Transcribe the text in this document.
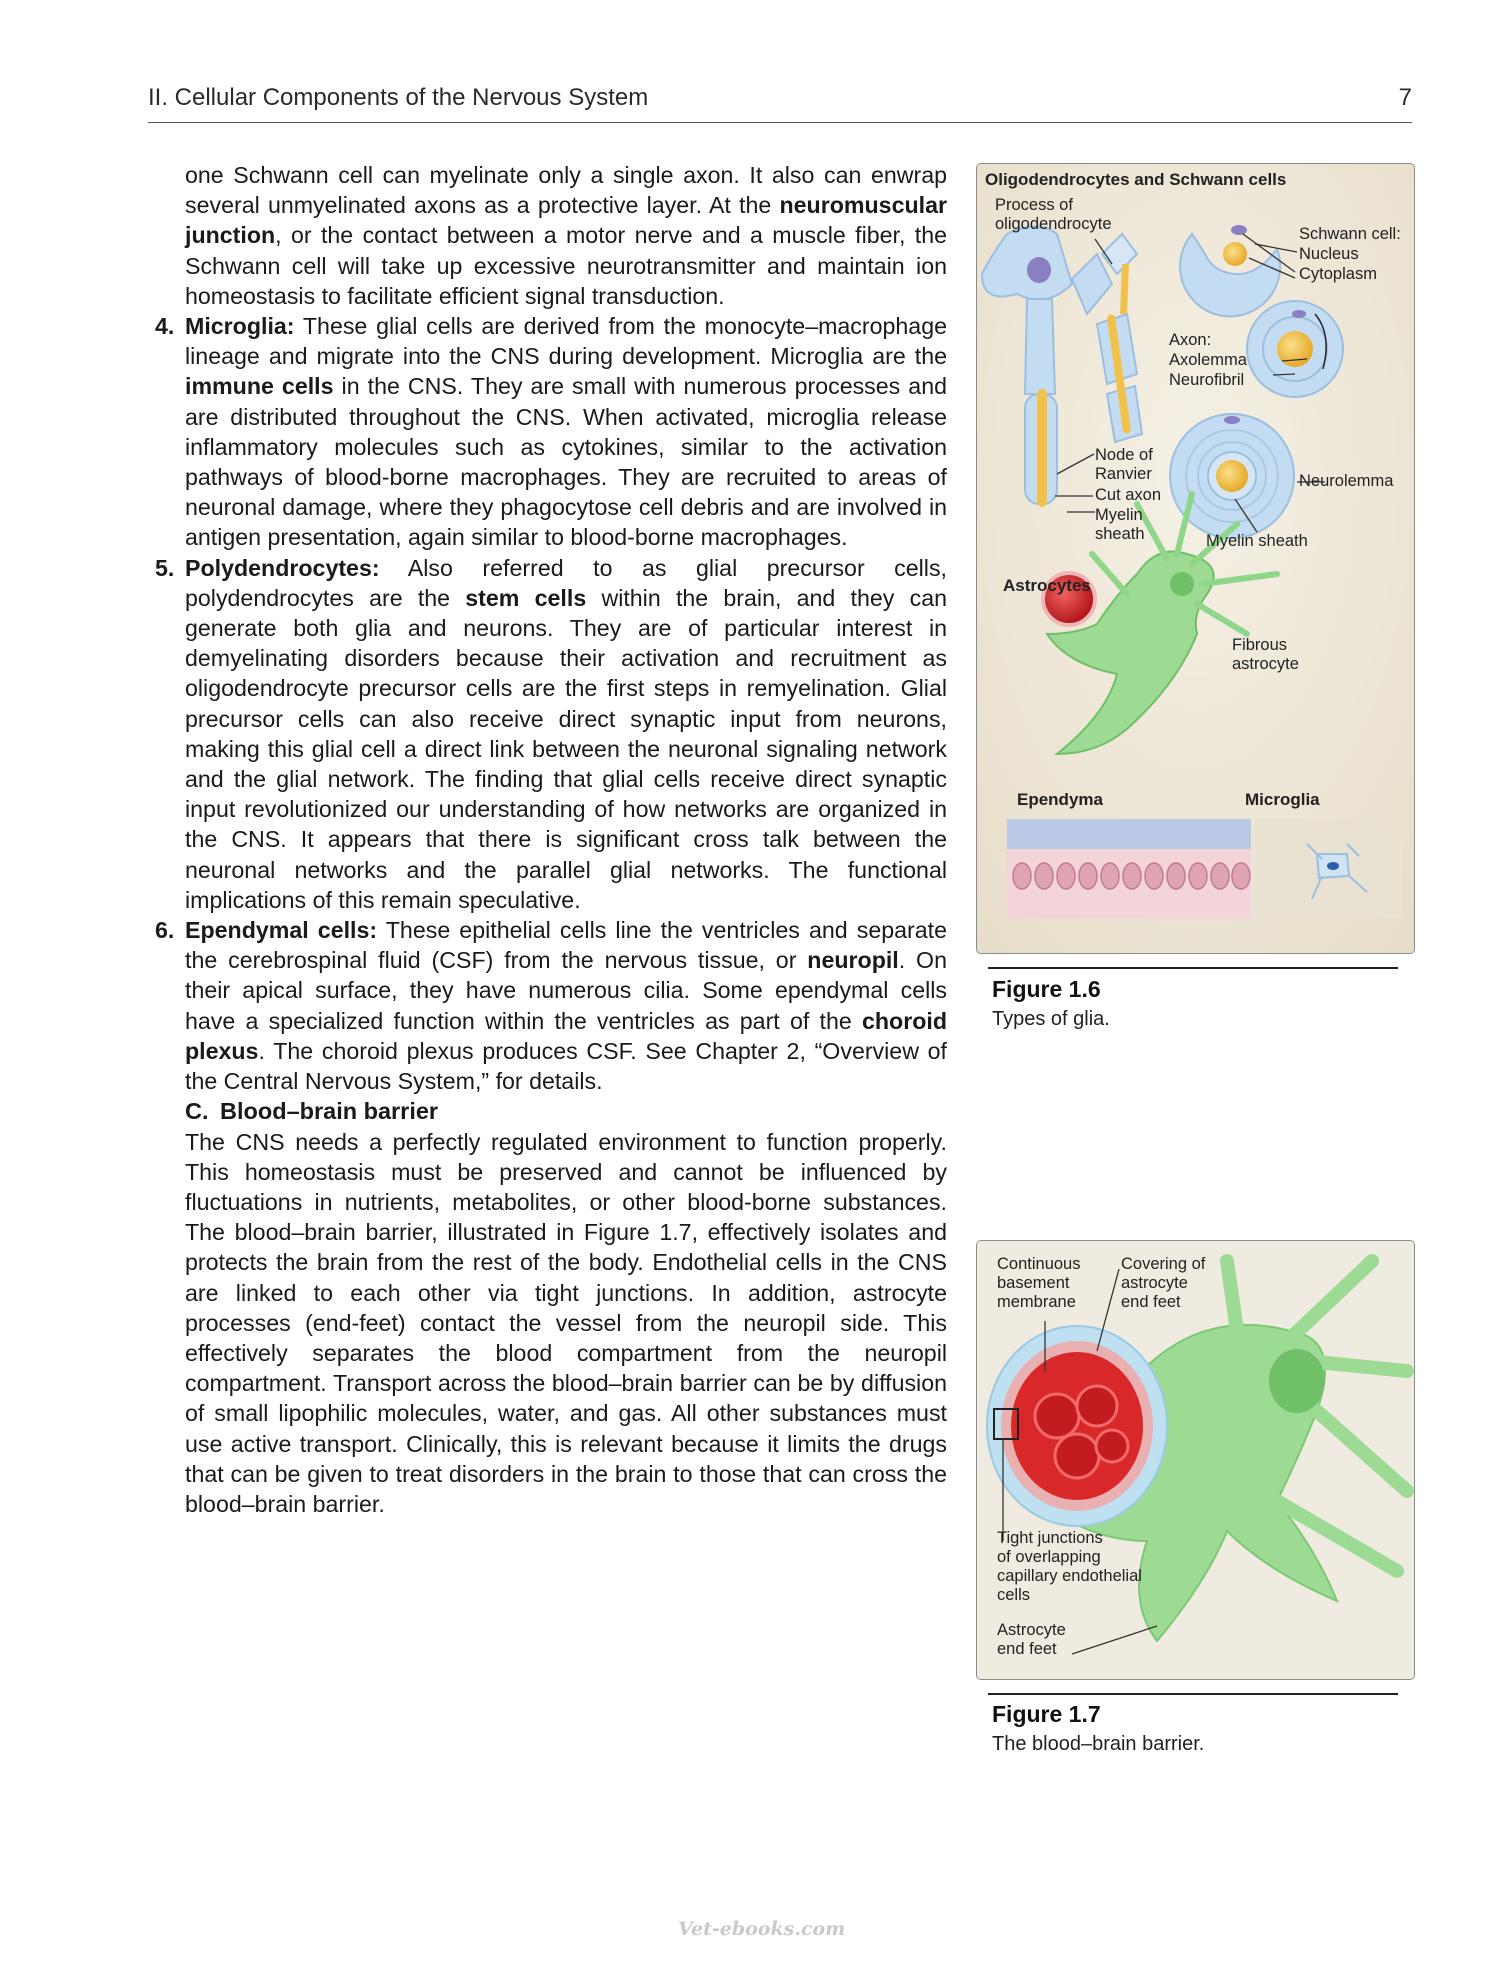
II. Cellular Components of the Nervous System	7

one Schwann cell can myelinate only a single axon. It also can enwrap several unmyelinated axons as a protective layer. At the neuromuscular junction, or the contact between a motor nerve and a muscle fiber, the Schwann cell will take up excessive neurotransmitter and maintain ion homeostasis to facilitate efficient signal transduction.

4. Microglia: These glial cells are derived from the monocyte–macrophage lineage and migrate into the CNS during development. Microglia are the immune cells in the CNS. They are small with numerous processes and are distributed throughout the CNS. When activated, microglia release inflammatory molecules such as cytokines, similar to the activation pathways of blood-borne macrophages. They are recruited to areas of neuronal damage, where they phagocytose cell debris and are involved in antigen presentation, again similar to blood-borne macrophages.

5. Polydendrocytes: Also referred to as glial precursor cells, polydendrocytes are the stem cells within the brain, and they can generate both glia and neurons. They are of particular interest in demyelinating disorders because their activation and recruitment as oligodendrocyte precursor cells are the first steps in remyelination. Glial precursor cells can also receive direct synaptic input from neurons, making this glial cell a direct link between the neuronal signaling network and the glial network. The finding that glial cells receive direct synaptic input revolutionized our understanding of how networks are organized in the CNS. It appears that there is significant cross talk between the neuronal networks and the parallel glial networks. The functional implications of this remain speculative.

6. Ependymal cells: These epithelial cells line the ventricles and separate the cerebrospinal fluid (CSF) from the nervous tissue, or neuropil. On their apical surface, they have numerous cilia. Some ependymal cells have a specialized function within the ventricles as part of the choroid plexus. The choroid plexus produces CSF. See Chapter 2, “Overview of the Central Nervous System,” for details.

C. Blood–brain barrier

The CNS needs a perfectly regulated environment to function properly. This homeostasis must be preserved and cannot be influenced by fluctuations in nutrients, metabolites, or other blood-borne substances. The blood–brain barrier, illustrated in Figure 1.7, effectively isolates and protects the brain from the rest of the body. Endothelial cells in the CNS are linked to each other via tight junctions. In addition, astrocyte processes (end-feet) contact the vessel from the neuropil side. This effectively separates the blood compartment from the neuropil compartment. Transport across the blood–brain barrier can be by diffusion of small lipophilic molecules, water, and gas. All other substances must use active transport. Clinically, this is relevant because it limits the drugs that can be given to treat disorders in the brain to those that can cross the blood–brain barrier.

Oligodendrocytes and Schwann cells
Process of
oligodendrocyte
Schwann cell:
Nucleus
Cytoplasm
Axon:
Axolemma
Neurofibril
Node of
Ranvier
Cut axon
Myelin
sheath
Neurolemma
Myelin sheath
Astrocytes
Fibrous
astrocyte
Ependyma	Microglia
Figure 1.6
Types of glia.
Continuous
basement
membrane
Covering of
astrocyte
end feet
Tight junctions
of overlapping
capillary endothelial
cells
Astrocyte
end feet
Figure 1.7
The blood–brain barrier.
Vet-ebooks.com
